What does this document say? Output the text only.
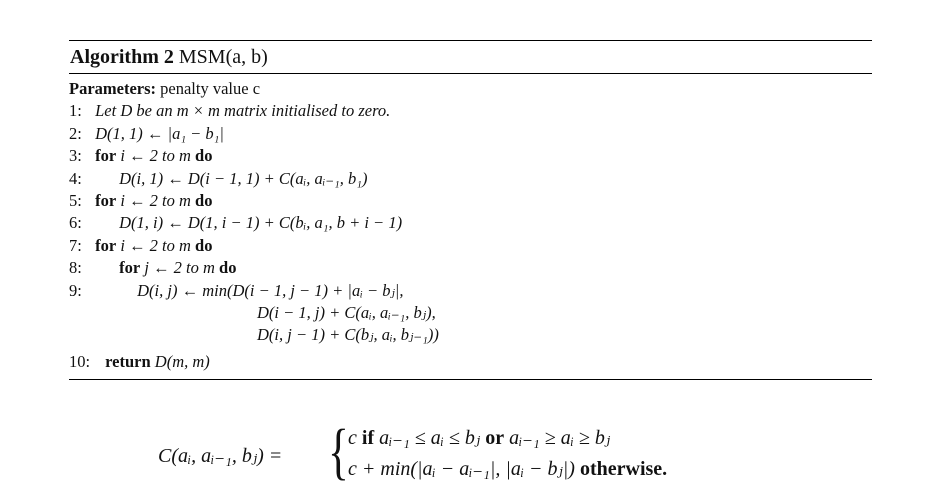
Algorithm 2 MSM(a, b)
Parameters: penalty value c
1: Let D be an m × m matrix initialised to zero.
2: D(1, 1) ← |a₁ − b₁|
3: for i ← 2 to m do
4: D(i, 1) ← D(i − 1, 1) + C(aᵢ, aᵢ₋₁, b₁)
5: for i ← 2 to m do
6: D(1, i) ← D(1, i − 1) + C(bᵢ, a₁, b + i − 1)
7: for i ← 2 to m do
8: for j ← 2 to m do
9:	D(i, j) ← min(D(i − 1, j − 1) + |aᵢ − bⱼ|,
D(i − 1, j) + C(aᵢ, aᵢ₋₁, bⱼ),
D(i, j − 1) + C(bⱼ, aᵢ, bⱼ₋₁))
10: return D(m, m)
C(aᵢ, aᵢ₋₁, bⱼ) = { c if aᵢ₋₁ ≤ aᵢ ≤ bⱼ or aᵢ₋₁ ≥ aᵢ ≥ bⱼ
c + min(|aᵢ − aᵢ₋₁|, |aᵢ − bⱼ|) otherwise.
